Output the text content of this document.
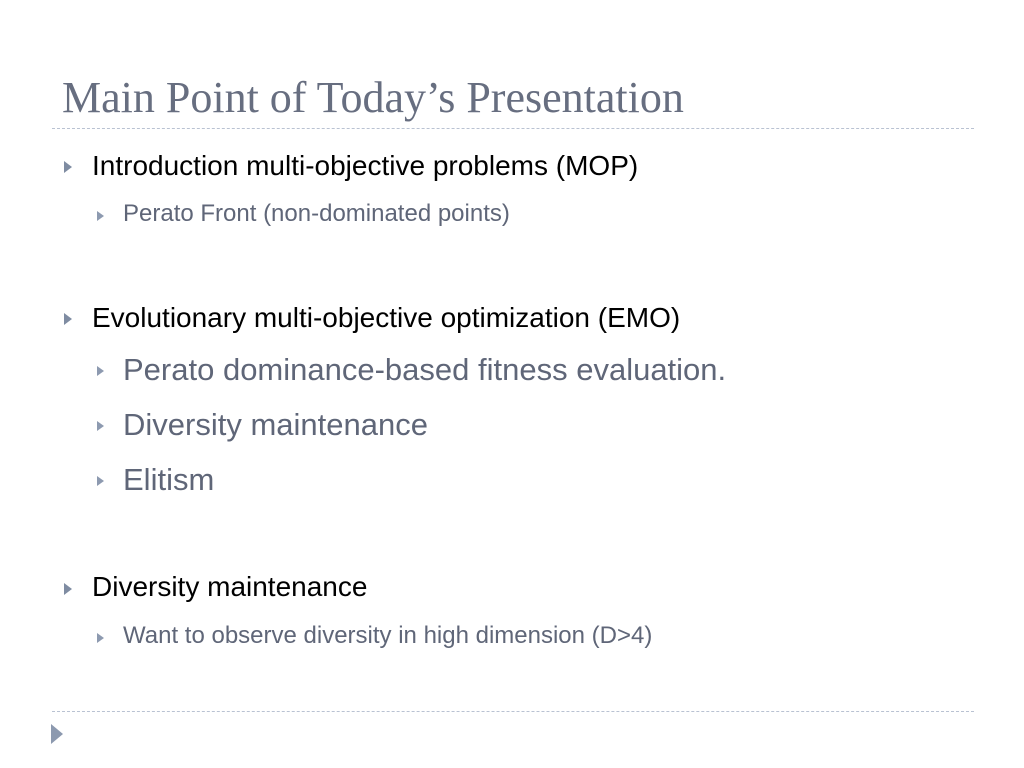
Main Point of Today’s Presentation
Introduction multi-objective problems (MOP)
Perato Front (non-dominated points)
Evolutionary multi-objective optimization (EMO)
Perato dominance-based fitness evaluation.
Diversity maintenance
Elitism
Diversity maintenance
Want to observe diversity in high dimension (D>4)
